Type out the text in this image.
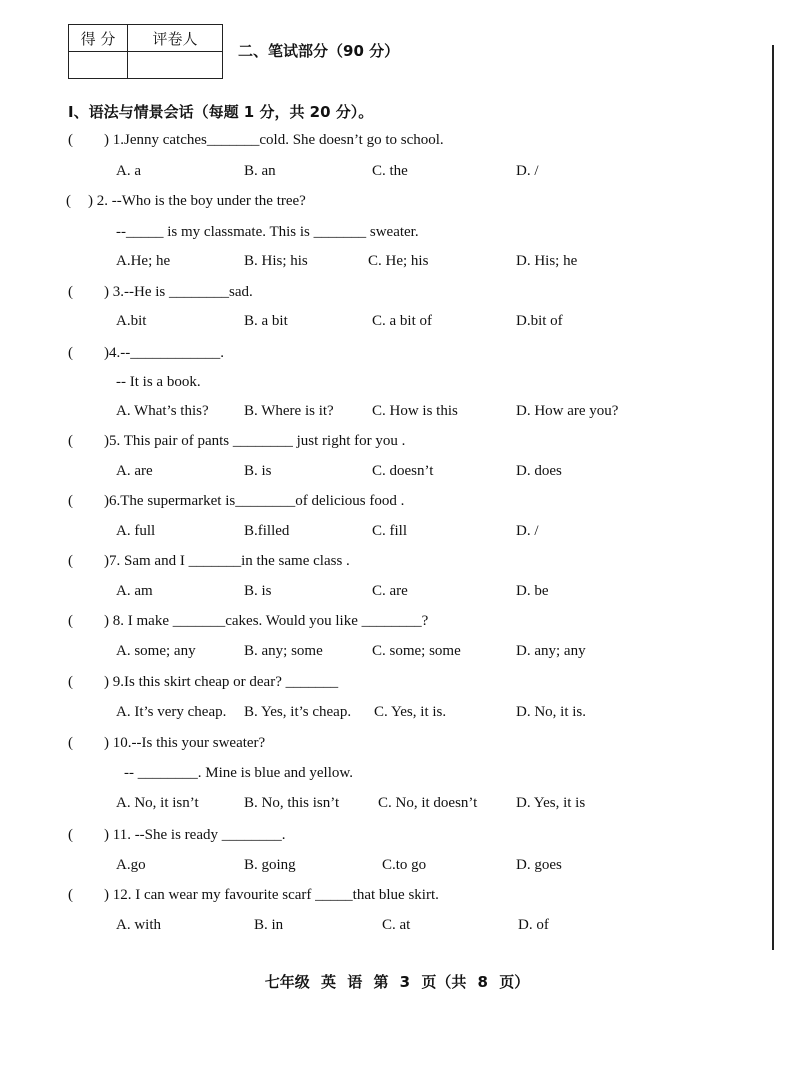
得 分	评卷人

二、笔试部分（90 分）
I、语法与情景会话（每题 1 分，共 20 分）。
( ) 1.Jenny catches_______cold. She doesn’t go to school.
A. a	B. an	C. the	D. /
( ) 2. --Who is the boy under the tree?
--_____ is my classmate. This is _______ sweater.
A.He; he	B. His; his	C. He; his	D. His; he
( ) 3.--He is ________sad.
A.bit	B. a bit	C. a bit of	D.bit of
( )4.--____________.
-- It is a book.
A. What’s this? B. Where is it?	C. How is this	D. How are you?
( )5. This pair of pants ________ just right for you .
A. are	B. is	C. doesn’t	D. does
( )6.The supermarket is________of delicious food .
A. full	B.filled	C. fill	D. /
( )7. Sam and I _______in the same class .
A. am	B. is	C. are	D. be
( ) 8. I make _______cakes. Would you like ________?
A. some; any	B. any; some	C. some; some	D. any; any
( ) 9.Is this skirt cheap or dear? _______
A. It’s very cheap. B. Yes, it’s cheap. C. Yes, it is.	D. No, it is.
( ) 10.--Is this your sweater?
-- ________. Mine is blue and yellow.
A. No, it isn’t	B. No, this isn’t	C. No, it doesn’t	D. Yes, it is
( ) 11. --She is ready ________.
A.go	B. going	C.to go	D. goes
( ) 12. I can wear my favourite scarf _____that blue skirt.
A. with	B. in	C. at	D. of
七年级 英 语 第 3 页（共 8 页）
